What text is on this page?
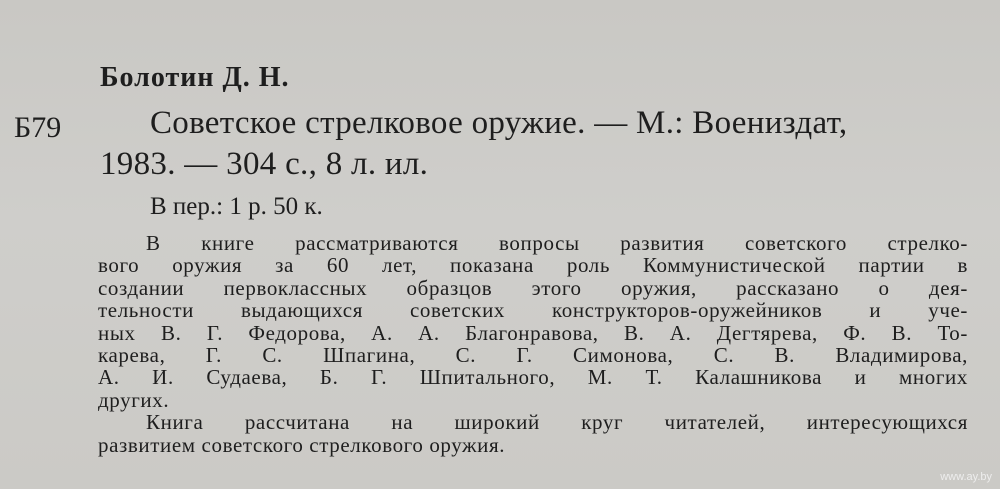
Болотин Д. Н.
Б79	Советское стрелковое оружие. — М.: Воениздат,
1983. — 304 с., 8 л. ил.
В пер.: 1 р. 50 к.
В книге рассматриваются вопросы развития советского стрелко-
вого оружия за 60 лет, показана роль Коммунистической партии в
создании первоклассных образцов этого оружия, рассказано о дея-
тельности выдающихся советских конструкторов-оружейников и уче-
ных В. Г. Федорова, А. А. Благонравова, В. А. Дегтярева, Ф. В. То-
карева, Г. С. Шпагина, С. Г. Симонова, С. В. Владимирова,
А. И. Судаева, Б. Г. Шпитального, М. Т. Калашникова и многих
других.
Книга рассчитана на широкий круг читателей, интересующихся
развитием советского стрелкового оружия.
www.ay.by
